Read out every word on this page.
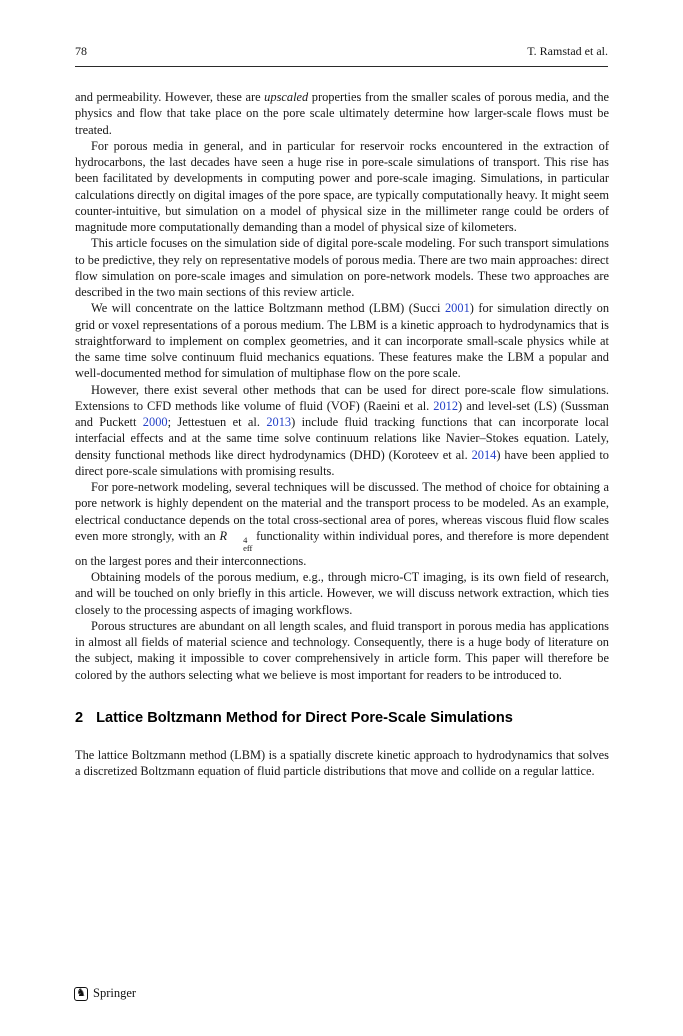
78	T. Ramstad et al.

and permeability. However, these are upscaled properties from the smaller scales of porous media, and the physics and flow that take place on the pore scale ultimately determine how larger-scale flows must be treated.

For porous media in general, and in particular for reservoir rocks encountered in the extraction of hydrocarbons, the last decades have seen a huge rise in pore-scale simulations of transport. This rise has been facilitated by developments in computing power and pore-scale imaging. Simulations, in particular calculations directly on digital images of the pore space, are typically computationally heavy. It might seem counter-intuitive, but simulation on a model of physical size in the millimeter range could be orders of magnitude more computationally demanding than a model of physical size of kilometers.

This article focuses on the simulation side of digital pore-scale modeling. For such transport simulations to be predictive, they rely on representative models of porous media. There are two main approaches: direct flow simulation on pore-scale images and simulation on pore-network models. These two approaches are described in the two main sections of this review article.

We will concentrate on the lattice Boltzmann method (LBM) (Succi 2001) for simulation directly on grid or voxel representations of a porous medium. The LBM is a kinetic approach to hydrodynamics that is straightforward to implement on complex geometries, and it can incorporate small-scale physics while at the same time solve continuum fluid mechanics equations. These features make the LBM a popular and well-documented method for simulation of multiphase flow on the pore scale.

However, there exist several other methods that can be used for direct pore-scale flow simulations. Extensions to CFD methods like volume of fluid (VOF) (Raeini et al. 2012) and level-set (LS) (Sussman and Puckett 2000; Jettestuen et al. 2013) include fluid tracking functions that can incorporate local interfacial effects and at the same time solve continuum relations like Navier–Stokes equation. Lately, density functional methods like direct hydrodynamics (DHD) (Koroteev et al. 2014) have been applied to direct pore-scale simulations with promising results.

For pore-network modeling, several techniques will be discussed. The method of choice for obtaining a pore network is highly dependent on the material and the transport process to be modeled. As an example, electrical conductance depends on the total cross-sectional area of pores, whereas viscous fluid flow scales even more strongly, with an R	4
eff
functionality within individual pores, and therefore is more dependent on the largest pores and their interconnections.

Obtaining models of the porous medium, e.g., through micro-CT imaging, is its own field of research, and will be touched on only briefly in this article. However, we will discuss network extraction, which ties closely to the processing aspects of imaging workflows.

Porous structures are abundant on all length scales, and fluid transport in porous media has applications in almost all fields of material science and technology. Consequently, there is a huge body of literature on the subject, making it impossible to cover comprehensively in article form. This paper will therefore be colored by the authors selecting what we believe is most important for readers to be introduced to.

2 Lattice Boltzmann Method for Direct Pore-Scale Simulations

The lattice Boltzmann method (LBM) is a spatially discrete kinetic approach to hydrodynamics that solves a discretized Boltzmann equation of fluid particle distributions that move and collide on a regular lattice.

♞ Springer
